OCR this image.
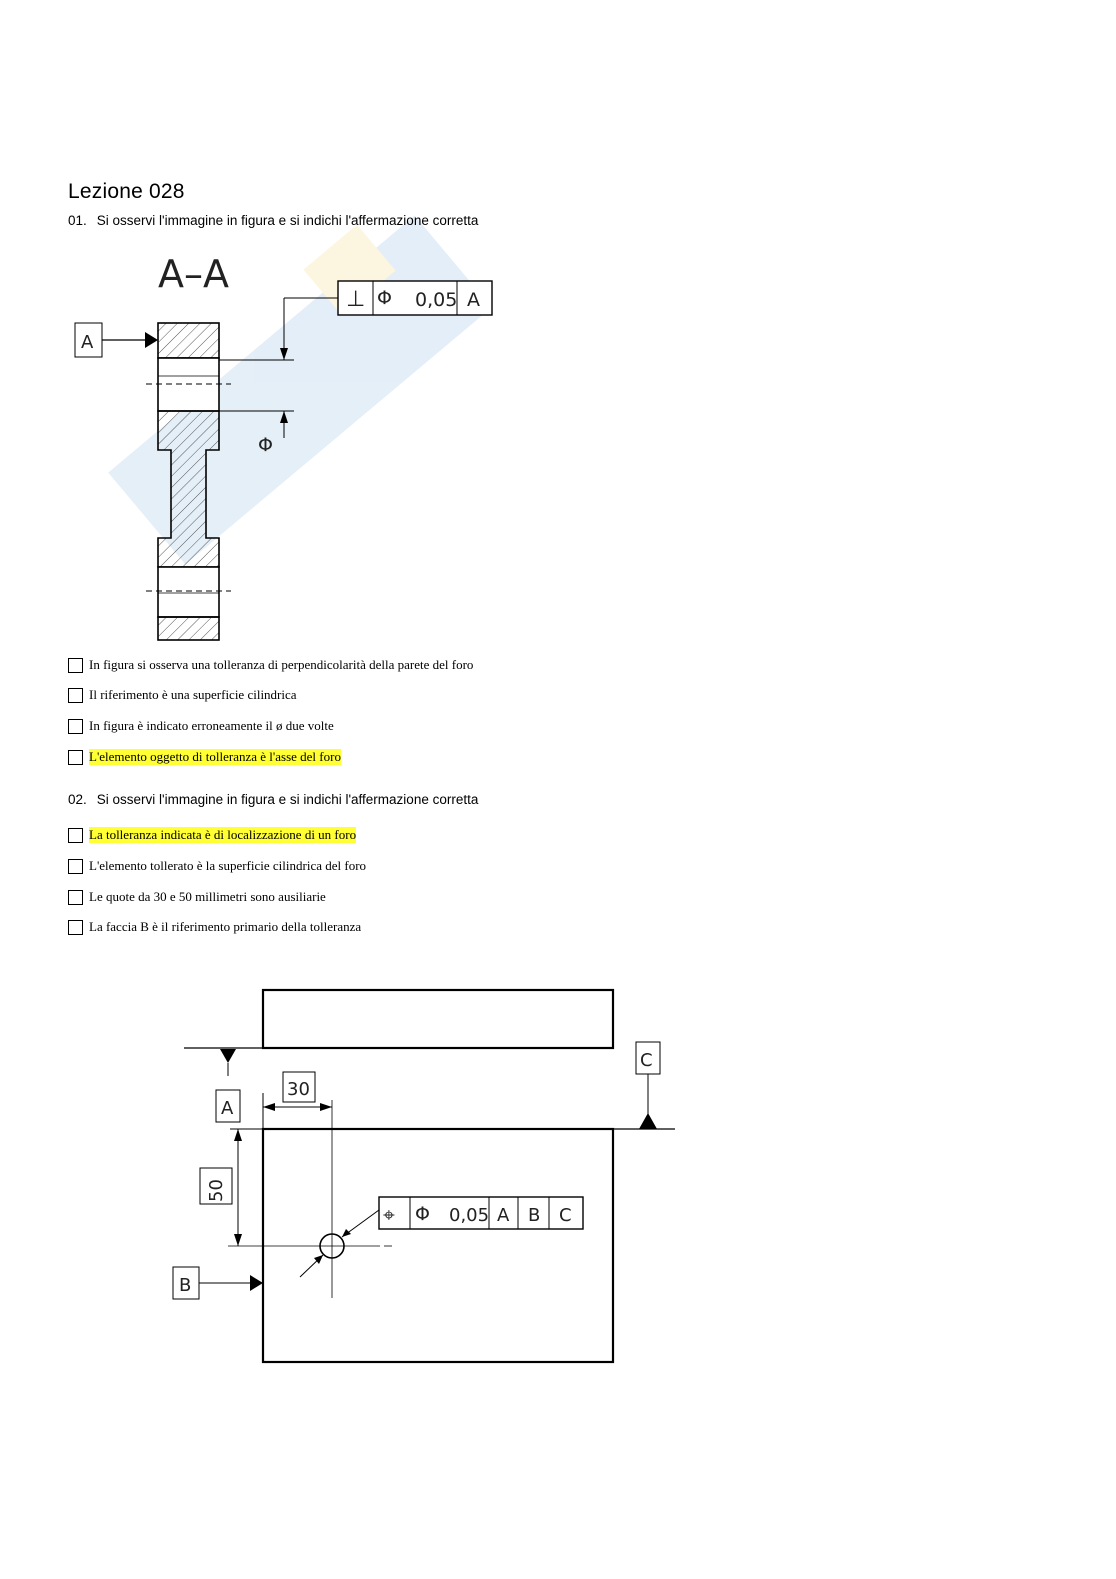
Lezione 028
01. Si osservi l'immagine in figura e si indichi l'affermazione corretta
A–A
A
Φ
⊥ Φ 0,05 A
In figura si osserva una tolleranza di perpendicolarità della parete del foro
Il riferimento è una superficie cilindrica
In figura è indicato erroneamente il ø due volte
L'elemento oggetto di tolleranza è l'asse del foro
02. Si osservi l'immagine in figura e si indichi l'affermazione corretta
La tolleranza indicata è di localizzazione di un foro
L'elemento tollerato è la superficie cilindrica del foro
Le quote da 30 e 50 millimetri sono ausiliarie
La faccia B è il riferimento primario della tolleranza
A
C
30
50
B
⌖ Φ 0,05 A B C
